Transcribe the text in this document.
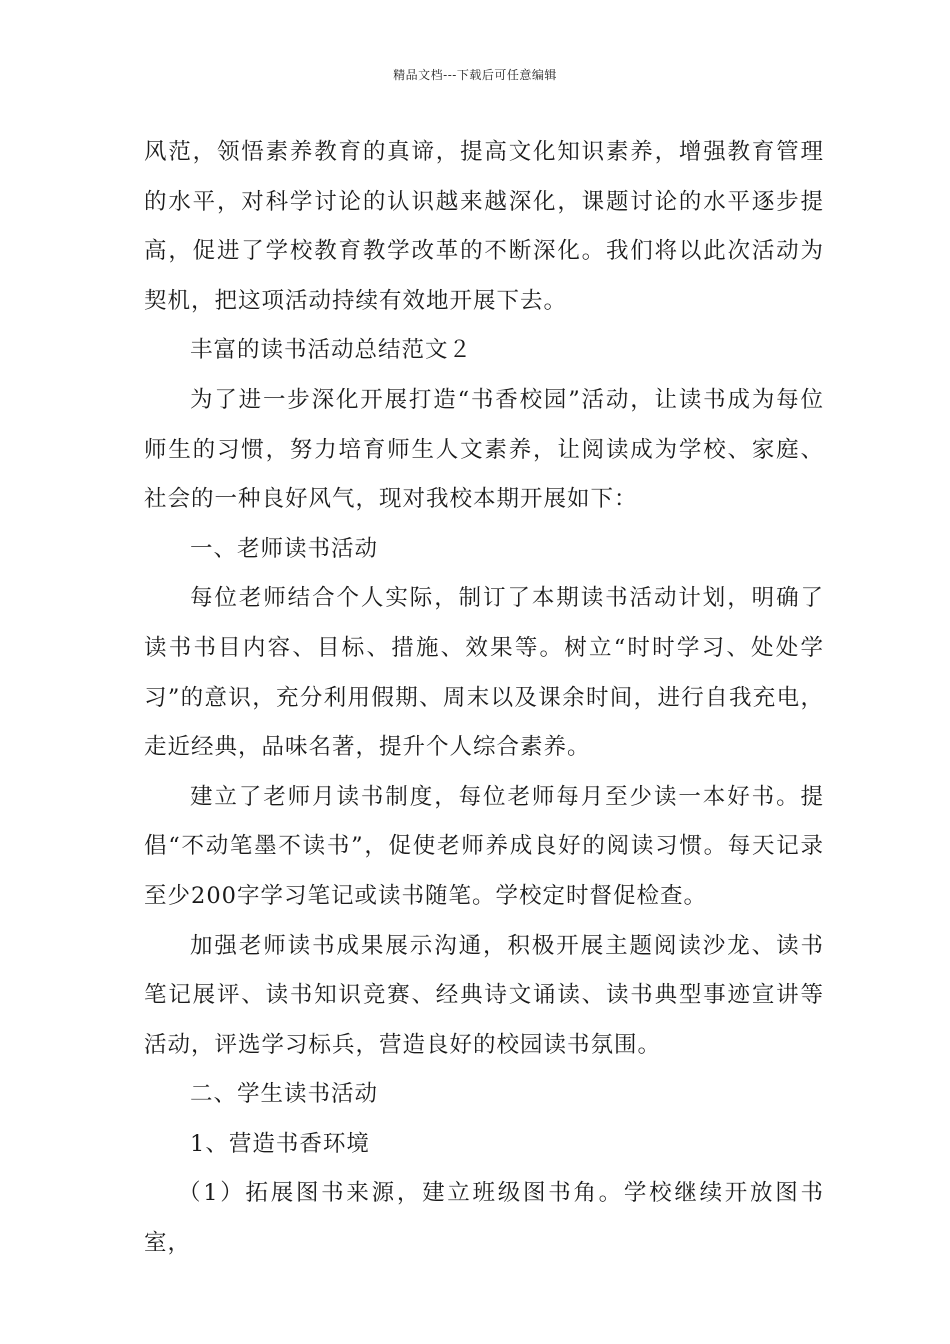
精品文档---下载后可任意编辑

风范，领悟素养教育的真谛，提高文化知识素养，增强教育管理的水平，对科学讨论的认识越来越深化，课题讨论的水平逐步提高，促进了学校教育教学改革的不断深化。我们将以此次活动为契机，把这项活动持续有效地开展下去。

丰富的读书活动总结范文２

为了进一步深化开展打造“书香校园”活动，让读书成为每位师生的习惯，努力培育师生人文素养，让阅读成为学校、家庭、社会的一种良好风气，现对我校本期开展如下：

一、老师读书活动

每位老师结合个人实际，制订了本期读书活动计划，明确了读书书目内容、目标、措施、效果等。树立“时时学习、处处学习”的意识，充分利用假期、周末以及课余时间，进行自我充电，走近经典，品味名著，提升个人综合素养。

建立了老师月读书制度，每位老师每月至少读一本好书。提倡“不动笔墨不读书”，促使老师养成良好的阅读习惯。每天记录至少200字学习笔记或读书随笔。学校定时督促检查。

加强老师读书成果展示沟通，积极开展主题阅读沙龙、读书笔记展评、读书知识竞赛、经典诗文诵读、读书典型事迹宣讲等活动，评选学习标兵，营造良好的校园读书氛围。

二、学生读书活动

1、营造书香环境

（1）拓展图书来源，建立班级图书角。学校继续开放图书室，
